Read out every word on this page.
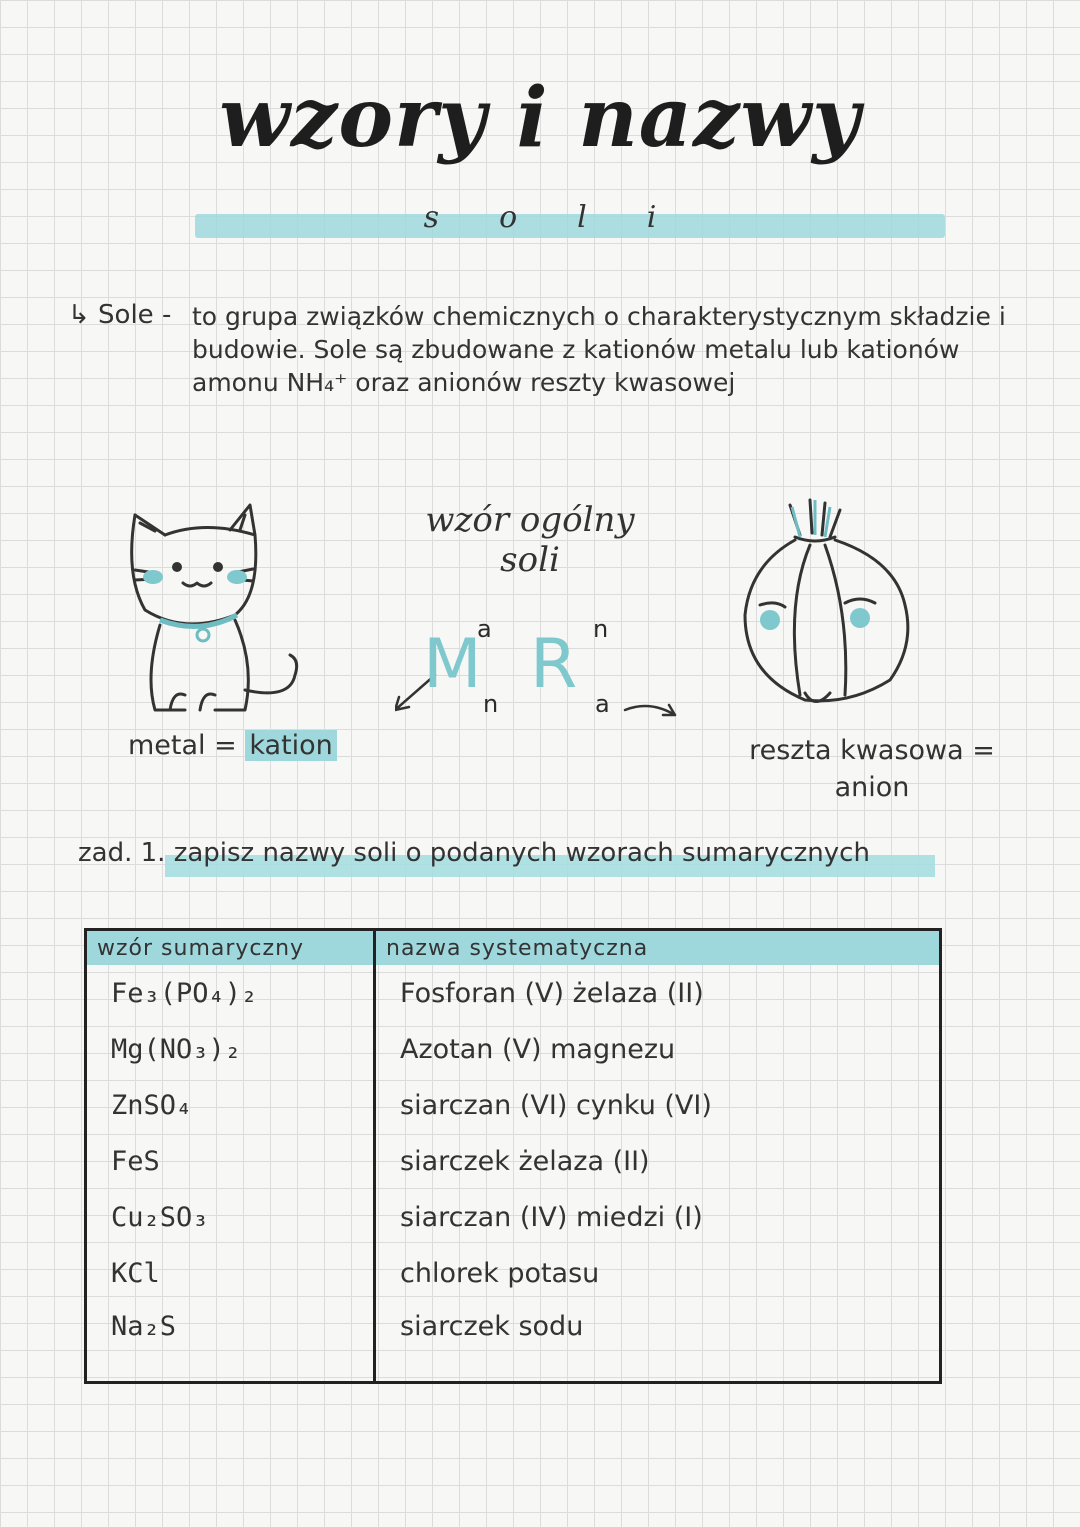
wzory i nazwy
soli
↳ Sole - to grupa związków chemicznych o charakterystycznym składzie i budowie. Sole są zbudowane z kationów metalu lub kationów amonu NH₄⁺ oraz anionów reszty kwasowej
metal = kation
wzór ogólny
soli
M
a
n R n
a
reszta kwasowa =
anion
zad. 1. zapisz nazwy soli o podanych wzorach sumarycznych
wzór sumaryczny	nazwa systematyczna
Fe₃(PO₄)₂	Fosforan (V) żelaza (II)
Mg(NO₃)₂	Azotan (V) magnezu
ZnSO₄	siarczan (VI) cynku (VI)
FeS	siarczek żelaza (II)
Cu₂SO₃	siarczan (IV) miedzi (I)
KCl	chlorek potasu
Na₂S	siarczek sodu
